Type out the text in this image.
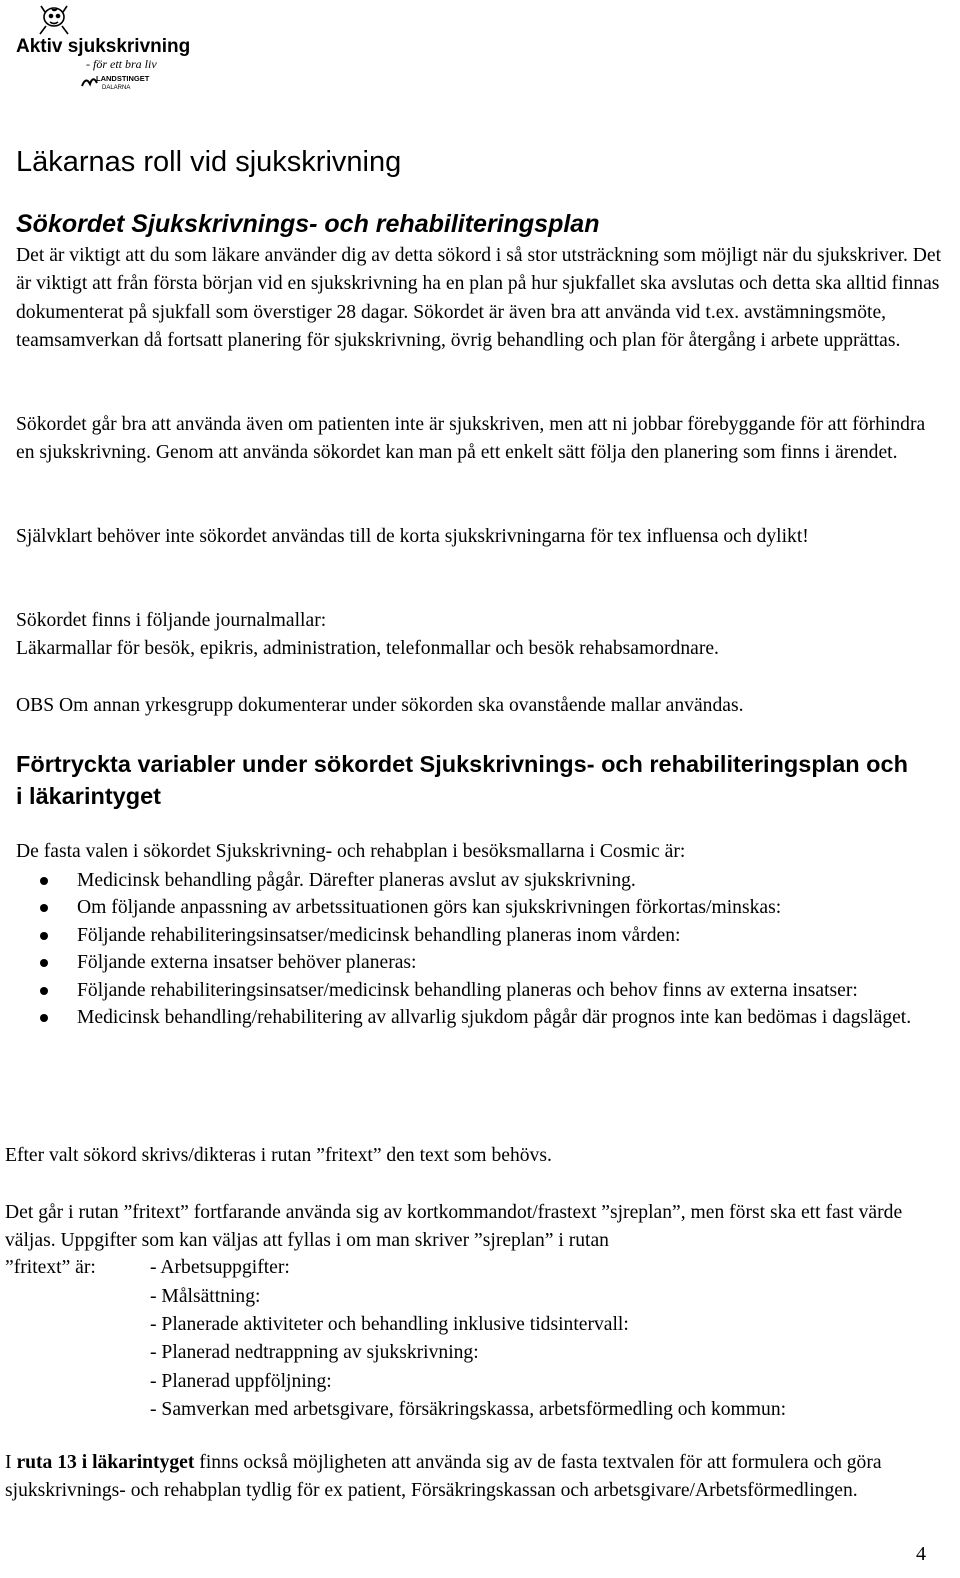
Aktiv sjukskrivning
- för ett bra liv
LANDSTINGET
DALARNA
Läkarnas roll vid sjukskrivning
Sökordet Sjukskrivnings- och rehabiliteringsplan

Det är viktigt att du som läkare använder dig av detta sökord i så stor utsträckning som möjligt när du sjukskriver. Det är viktigt att från första början vid en sjukskrivning ha en plan på hur sjukfallet ska avslutas och detta ska alltid finnas dokumenterat på sjukfall som överstiger 28 dagar. Sökordet är även bra att använda vid t.ex. avstämningsmöte, teamsamverkan då fortsatt planering för sjukskrivning, övrig behandling och plan för återgång i arbete upprättas.

Sökordet går bra att använda även om patienten inte är sjukskriven, men att ni jobbar förebyggande för att förhindra en sjukskrivning. Genom att använda sökordet kan man på ett enkelt sätt följa den planering som finns i ärendet.

Självklart behöver inte sökordet användas till de korta sjukskrivningarna för tex influensa och dylikt!

Sökordet finns i följande journalmallar:
Läkarmallar för besök, epikris, administration, telefonmallar och besök rehabsamordnare.

OBS Om annan yrkesgrupp dokumenterar under sökorden ska ovanstående mallar användas.

Förtryckta variabler under sökordet Sjukskrivnings- och rehabiliteringsplan och i läkarintyget

De fasta valen i sökordet Sjukskrivning- och rehabplan i besöksmallarna i Cosmic är:

Medicinsk behandling pågår. Därefter planeras avslut av sjukskrivning.
Om följande anpassning av arbetssituationen görs kan sjukskrivningen förkortas/minskas:
Följande rehabiliteringsinsatser/medicinsk behandling planeras inom vården:
Följande externa insatser behöver planeras:
Följande rehabiliteringsinsatser/medicinsk behandling planeras och behov finns av externa insatser:
Medicinsk behandling/rehabilitering av allvarlig sjukdom pågår där prognos inte kan bedömas i dagsläget.

Efter valt sökord skrivs/dikteras i rutan ”fritext” den text som behövs.

Det går i rutan ”fritext” fortfarande använda sig av kortkommandot/frastext ”sjreplan”, men först ska ett fast värde väljas. Uppgifter som kan väljas att fyllas i om man skriver ”sjreplan” i rutan
”fritext” är:	- Arbetsuppgifter:
- Målsättning:
- Planerade aktiviteter och behandling inklusive tidsintervall:
- Planerad nedtrappning av sjukskrivning:
- Planerad uppföljning:
- Samverkan med arbetsgivare, försäkringskassa, arbetsförmedling och kommun:

I ruta 13 i läkarintyget finns också möjligheten att använda sig av de fasta textvalen för att formulera och göra sjukskrivnings- och rehabplan tydlig för ex patient, Försäkringskassan och arbetsgivare/Arbetsförmedlingen.

4
